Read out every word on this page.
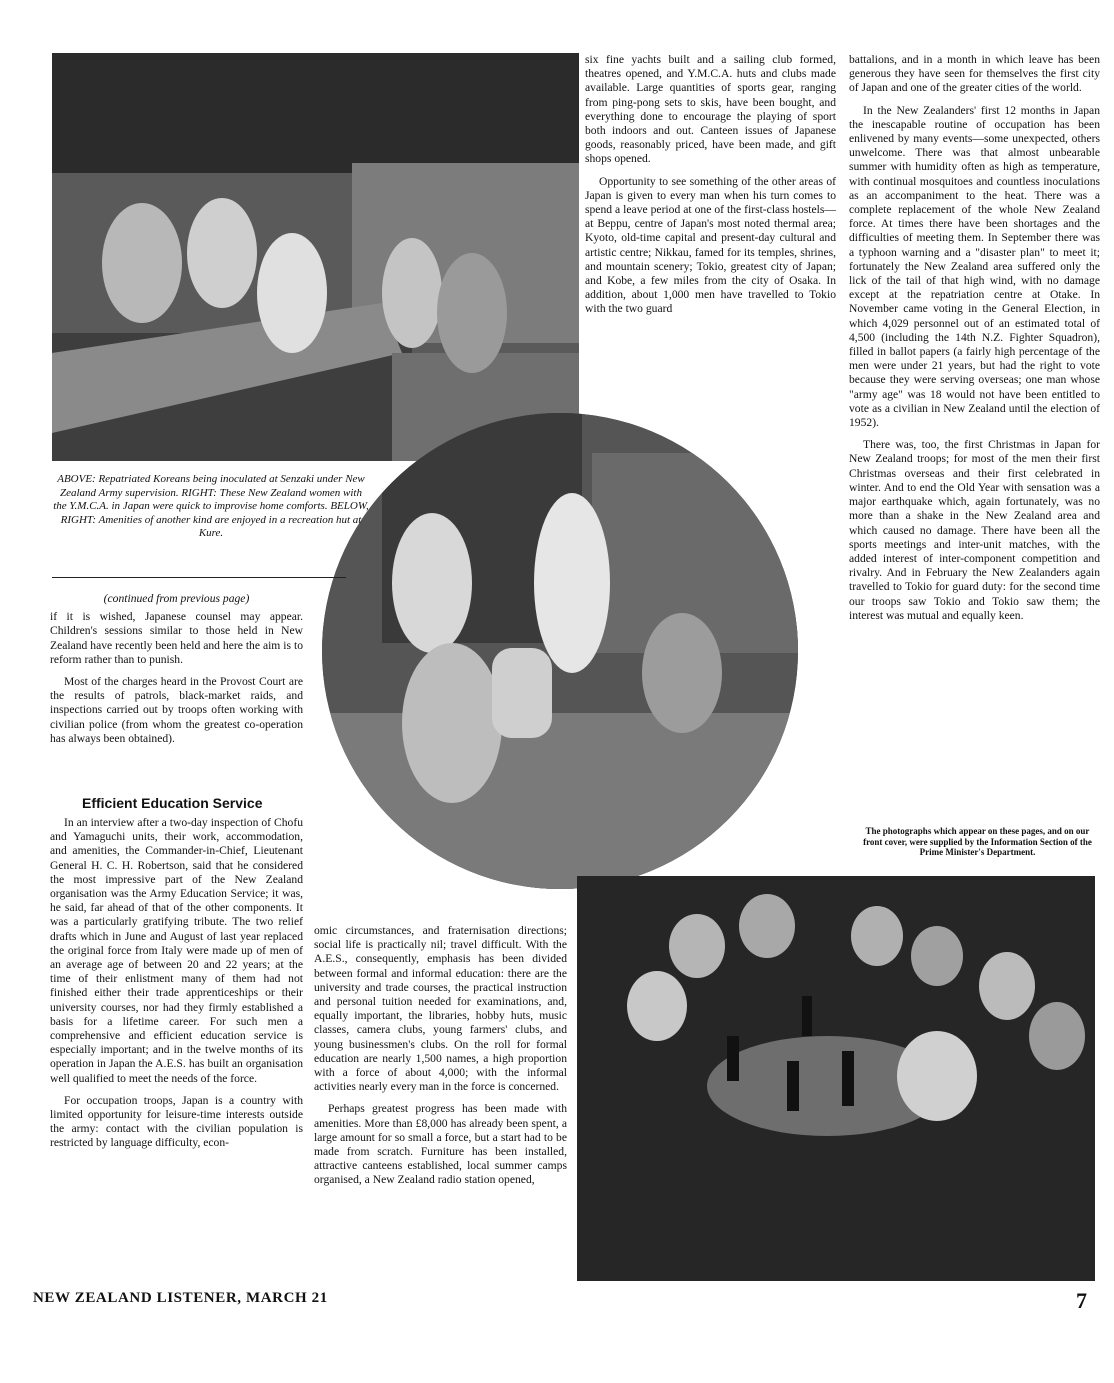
ABOVE: Repatriated Koreans being inoculated at Senzaki under New Zealand Army supervision. RIGHT: These New Zealand women with the Y.M.C.A. in Japan were quick to improvise home comforts. BELOW, RIGHT: Amenities of another kind are enjoyed in a recreation hut at Kure.
(continued from previous page)

if it is wished, Japanese counsel may appear. Children's sessions similar to those held in New Zealand have recently been held and here the aim is to reform rather than to punish.

Most of the charges heard in the Provost Court are the results of patrols, black-market raids, and inspections carried out by troops often working with civilian police (from whom the greatest co-operation has always been obtained).

Efficient Education Service

In an interview after a two-day inspection of Chofu and Yamaguchi units, their work, accommodation, and amenities, the Commander-in-Chief, Lieutenant General H. C. H. Robertson, said that he considered the most impressive part of the New Zealand organisation was the Army Education Service; it was, he said, far ahead of that of the other components. It was a particularly gratifying tribute. The two relief drafts which in June and August of last year replaced the original force from Italy were made up of men of an average age of between 20 and 22 years; at the time of their enlistment many of them had not finished either their trade apprenticeships or their university courses, nor had they firmly established a basis for a lifetime career. For such men a comprehensive and efficient education service is especially important; and in the twelve months of its operation in Japan the A.E.S. has built an organisation well qualified to meet the needs of the force.

For occupation troops, Japan is a country with limited opportunity for leisure-time interests outside the army: contact with the civilian population is restricted by language difficulty, econ-

omic circumstances, and fraternisation directions; social life is practically nil; travel difficult. With the A.E.S., consequently, emphasis has been divided between formal and informal education: there are the university and trade courses, the practical instruction and personal tuition needed for examinations, and, equally important, the libraries, hobby huts, music classes, camera clubs, young farmers' clubs, and young businessmen's clubs. On the roll for formal education are nearly 1,500 names, a high proportion with a force of about 4,000; with the informal activities nearly every man in the force is concerned.

Perhaps greatest progress has been made with amenities. More than £8,000 has already been spent, a large amount for so small a force, but a start had to be made from scratch. Furniture has been installed, attractive canteens established, local summer camps organised, a New Zealand radio station opened,

six fine yachts built and a sailing club formed, theatres opened, and Y.M.C.A. huts and clubs made available. Large quantities of sports gear, ranging from ping-pong sets to skis, have been bought, and everything done to encourage the playing of sport both indoors and out. Canteen issues of Japanese goods, reasonably priced, have been made, and gift shops opened.

Opportunity to see something of the other areas of Japan is given to every man when his turn comes to spend a leave period at one of the first-class hostels—at Beppu, centre of Japan's most noted thermal area; Kyoto, old-time capital and present-day cultural and artistic centre; Nikkau, famed for its temples, shrines, and mountain scenery; Tokio, greatest city of Japan; and Kobe, a few miles from the city of Osaka. In addition, about 1,000 men have travelled to Tokio with the two guard

battalions, and in a month in which leave has been generous they have seen for themselves the first city of Japan and one of the greater cities of the world.

In the New Zealanders' first 12 months in Japan the inescapable routine of occupation has been enlivened by many events—some unexpected, others unwelcome. There was that almost unbearable summer with humidity often as high as temperature, with continual mosquitoes and countless inoculations as an accompaniment to the heat. There was a complete replacement of the whole New Zealand force. At times there have been shortages and the difficulties of meeting them. In September there was a typhoon warning and a "disaster plan" to meet it; fortunately the New Zealand area suffered only the lick of the tail of that high wind, with no damage except at the repatriation centre at Otake. In November came voting in the General Election, in which 4,029 personnel out of an estimated total of 4,500 (including the 14th N.Z. Fighter Squadron), filled in ballot papers (a fairly high percentage of the men were under 21 years, but had the right to vote because they were serving overseas; one man whose "army age" was 18 would not have been entitled to vote as a civilian in New Zealand until the election of 1952).

There was, too, the first Christmas in Japan for New Zealand troops; for most of the men their first Christmas overseas and their first celebrated in winter. And to end the Old Year with sensation was a major earthquake which, again fortunately, was no more than a shake in the New Zealand area and which caused no damage. There have been all the sports meetings and inter-unit matches, with the added interest of inter-component competition and rivalry. And in February the New Zealanders again travelled to Tokio for guard duty: for the second time our troops saw Tokio and Tokio saw them; the interest was mutual and equally keen.

The photographs which appear on these pages, and on our front cover, were supplied by the Information Section of the Prime Minister's Department.
NEW ZEALAND LISTENER, MARCH 21	7
